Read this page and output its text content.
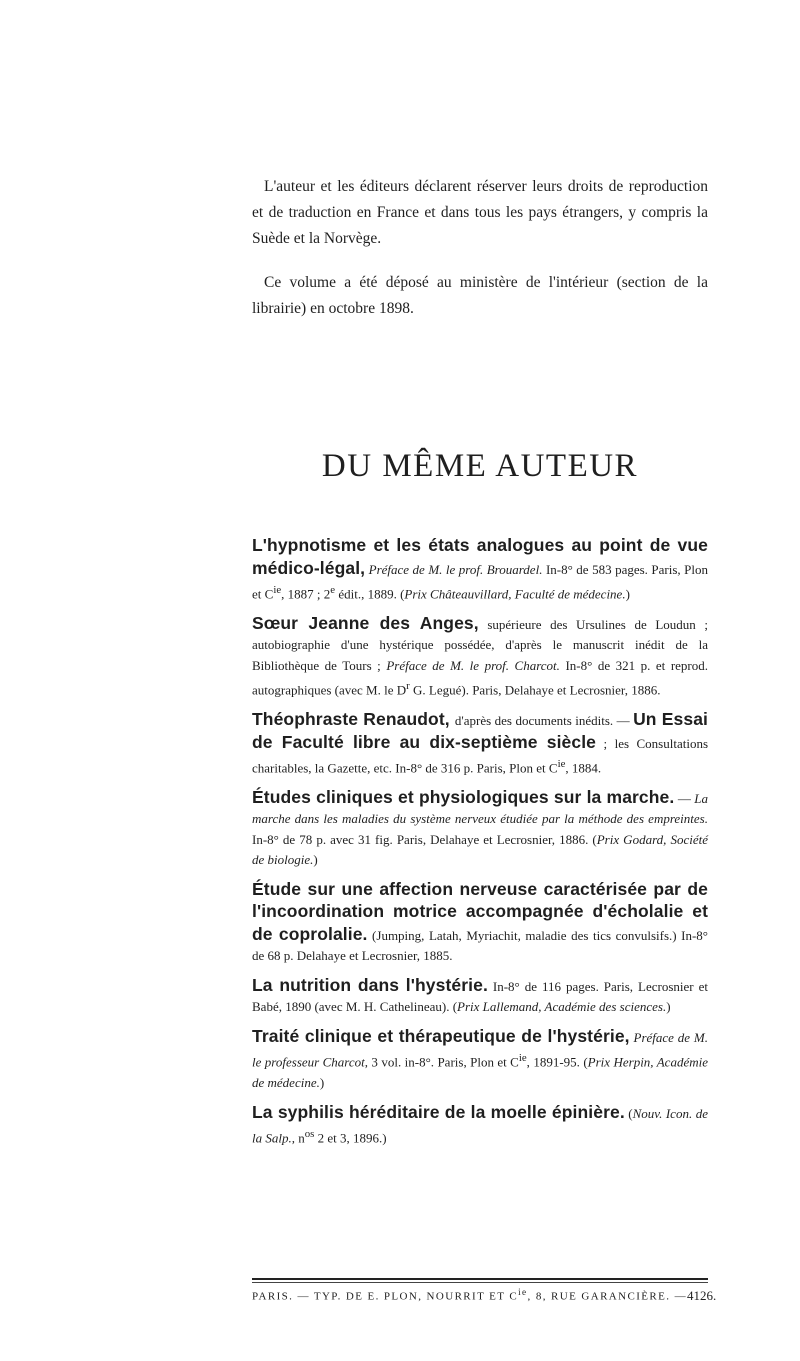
L'auteur et les éditeurs déclarent réserver leurs droits de reproduction et de traduction en France et dans tous les pays étrangers, y compris la Suède et la Norvège.

Ce volume a été déposé au ministère de l'intérieur (section de la librairie) en octobre 1898.

DU MÊME AUTEUR

L'hypnotisme et les états analogues au point de vue médico-légal, Préface de M. le prof. Brouardel. In-8° de 583 pages. Paris, Plon et $C^{ie}$, 1887 ; 2e édit., 1889. (Prix Châteauvillard, Faculté de médecine.)

Sœur Jeanne des Anges, supérieure des Ursulines de Loudun ; autobiographie d'une hystérique possédée, d'après le manuscrit inédit de la Bibliothèque de Tours ; Préface de M. le prof. Charcot. In-8° de 321 p. et reprod. autographiques (avec M. le $D^r$ G. Legué). Paris, Delahaye et Lecrosnier, 1886.

Théophraste Renaudot, d'après des documents inédits. — Un Essai de Faculté libre au dix-septième siècle ; les Consultations charitables, la Gazette, etc. In-8° de 316 p. Paris, Plon et $C^{ie}$, 1884.

Études cliniques et physiologiques sur la marche. — La marche dans les maladies du système nerveux étudiée par la méthode des empreintes. In-8° de 78 p. avec 31 fig. Paris, Delahaye et Lecrosnier, 1886. (Prix Godard, Société de biologie.)

Étude sur une affection nerveuse caractérisée par de l'incoordination motrice accompagnée d'écholalie et de coprolalie. (Jumping, Latah, Myriachit, maladie des tics convulsifs.) In-8° de 68 p. Delahaye et Lecrosnier, 1885.

La nutrition dans l'hystérie. In-8° de 116 pages. Paris, Lecrosnier et Babé, 1890 (avec M. H. Cathelineau). (Prix Lallemand, Académie des sciences.)

Traité clinique et thérapeutique de l'hystérie, Préface de M. le professeur Charcot, 3 vol. in-8°. Paris, Plon et $C^{ie}$, 1891-95. (Prix Herpin, Académie de médecine.)

La syphilis héréditaire de la moelle épinière. (Nouv. Icon. de la Salp., $n^{os}$ 2 et 3, 1896.)

PARIS. — TYP. DE E. PLON, NOURRIT ET $C^{ie}$, 8, RUE GARANCIÈRE. — 4126.
